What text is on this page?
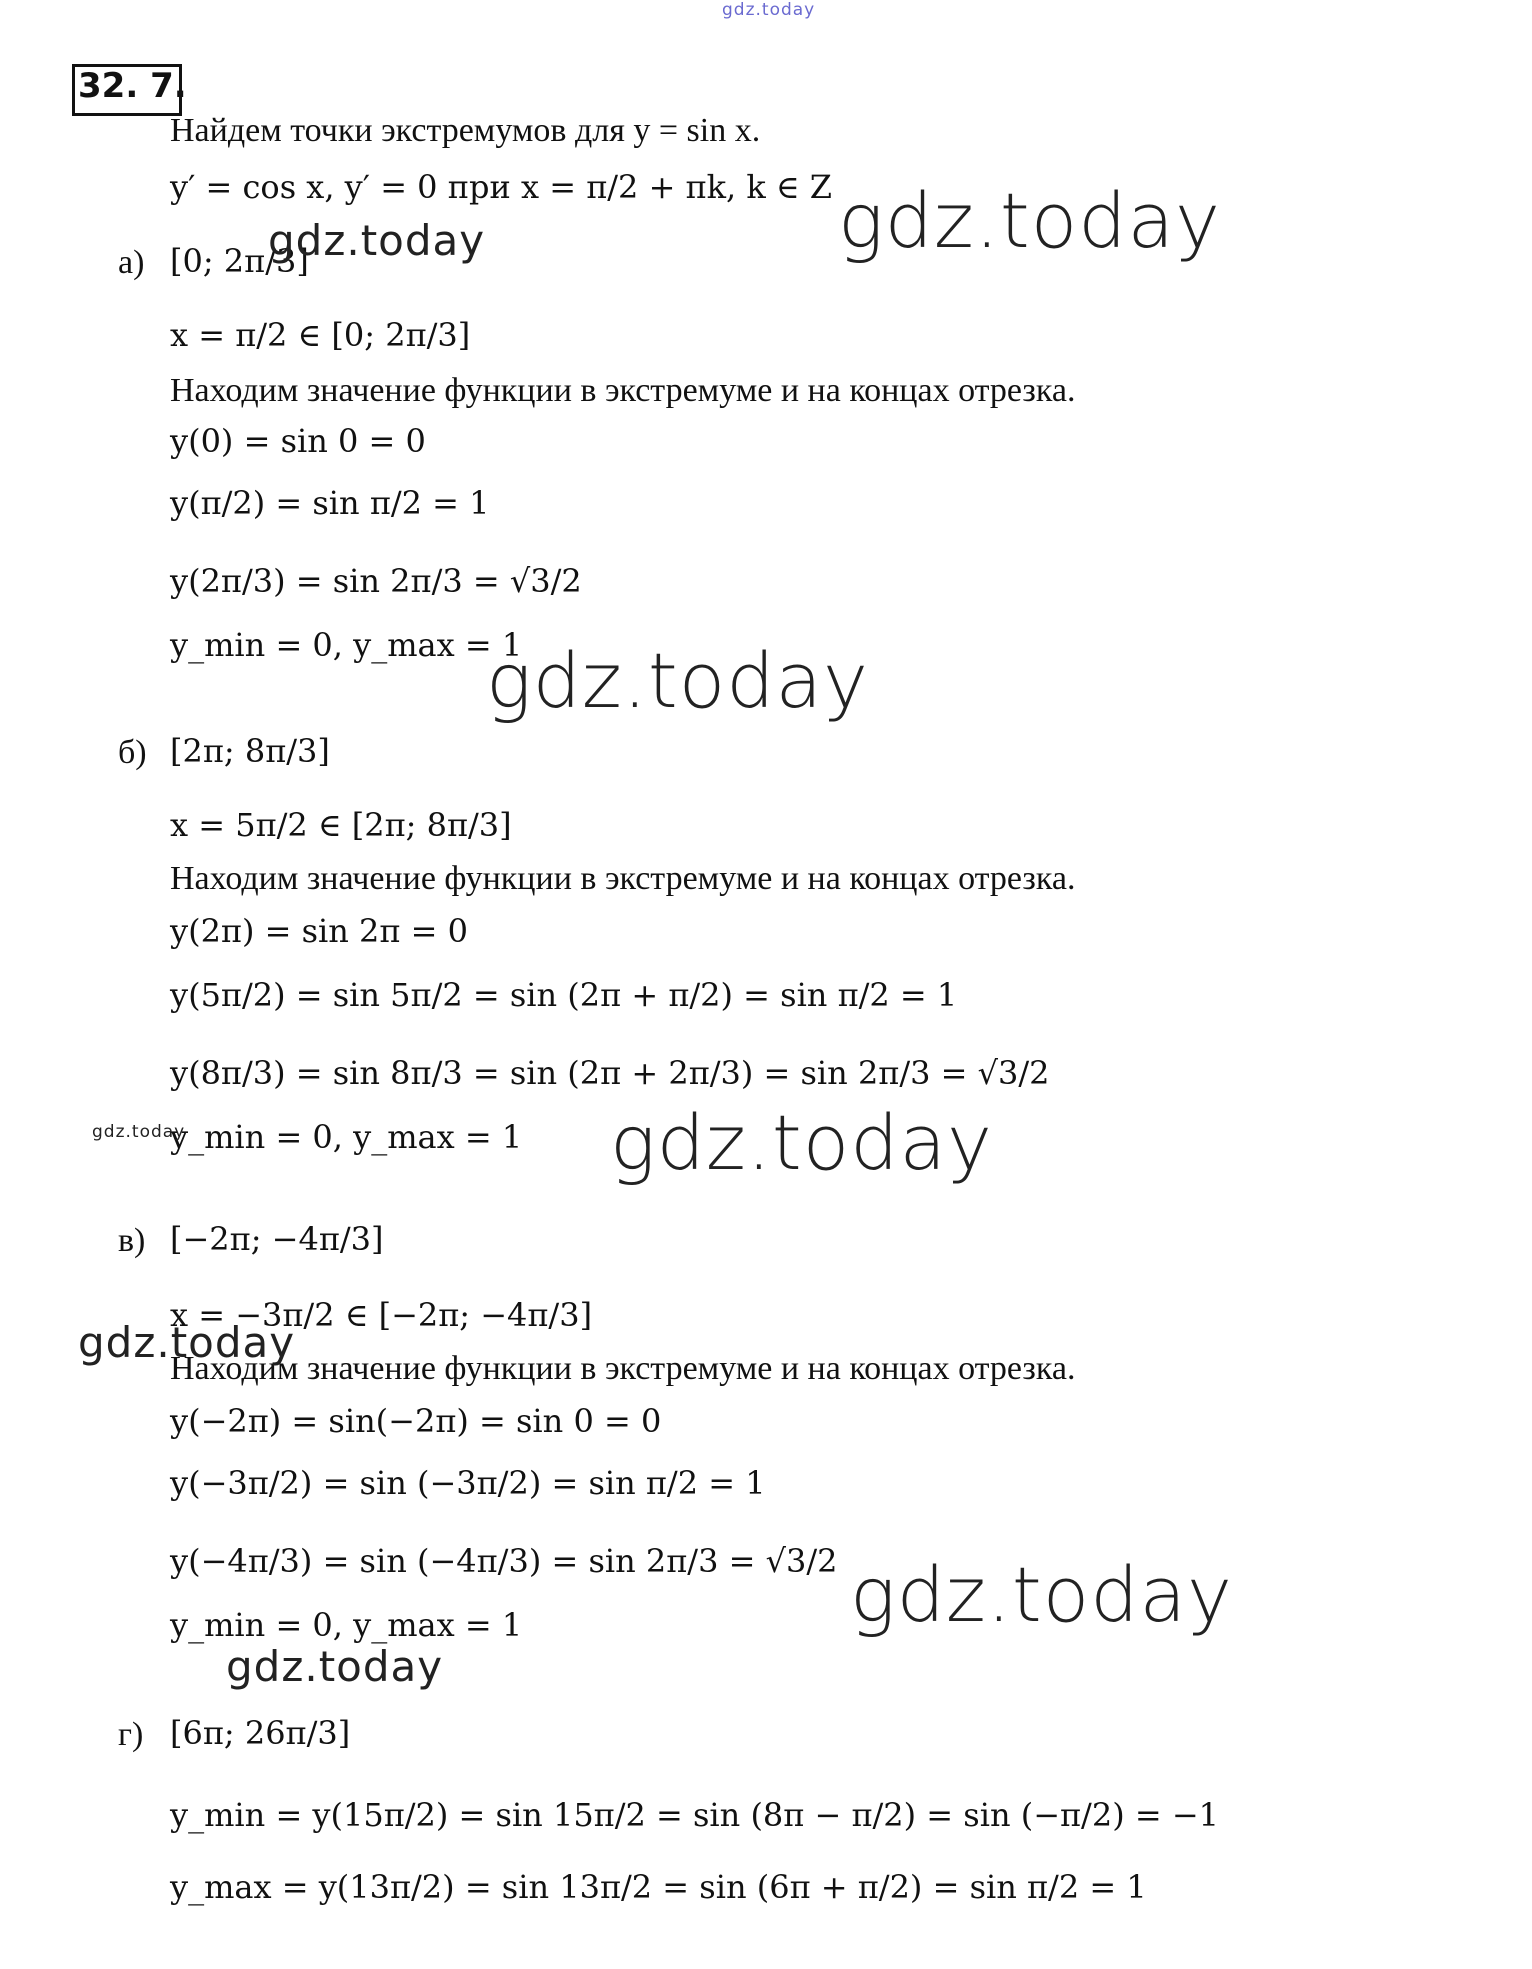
gdz.today
32. 7.
Найдем точки экстремумов для y = sin x.
y′ = cos x, y′ = 0 при x = π/2 + πk, k ∈ Z
а) [0; 2π/3]
x = π/2 ∈ [0; 2π/3]
Находим значение функции в экстремуме и на концах отрезка.
y(0) = sin 0 = 0
y(π/2) = sin π/2 = 1
y(2π/3) = sin 2π/3 = √3/2
y_min = 0, y_max = 1
б) [2π; 8π/3]
x = 5π/2 ∈ [2π; 8π/3]
Находим значение функции в экстремуме и на концах отрезка.
y(2π) = sin 2π = 0
y(5π/2) = sin 5π/2 = sin (2π + π/2) = sin π/2 = 1
y(8π/3) = sin 8π/3 = sin (2π + 2π/3) = sin 2π/3 = √3/2
y_min = 0, y_max = 1
в) [−2π; −4π/3]
x = −3π/2 ∈ [−2π; −4π/3]
Находим значение функции в экстремуме и на концах отрезка.
y(−2π) = sin(−2π) = sin 0 = 0
y(−3π/2) = sin (−3π/2) = sin π/2 = 1
y(−4π/3) = sin (−4π/3) = sin 2π/3 = √3/2
y_min = 0, y_max = 1
г) [6π; 26π/3]
y_min = y(15π/2) = sin 15π/2 = sin (8π − π/2) = sin (−π/2) = −1
y_max = y(13π/2) = sin 13π/2 = sin (6π + π/2) = sin π/2 = 1
gdz.today
gdz.today
gdz.today
gdz.today	gdz.today
gdz.today
gdz.today
gdz.today
